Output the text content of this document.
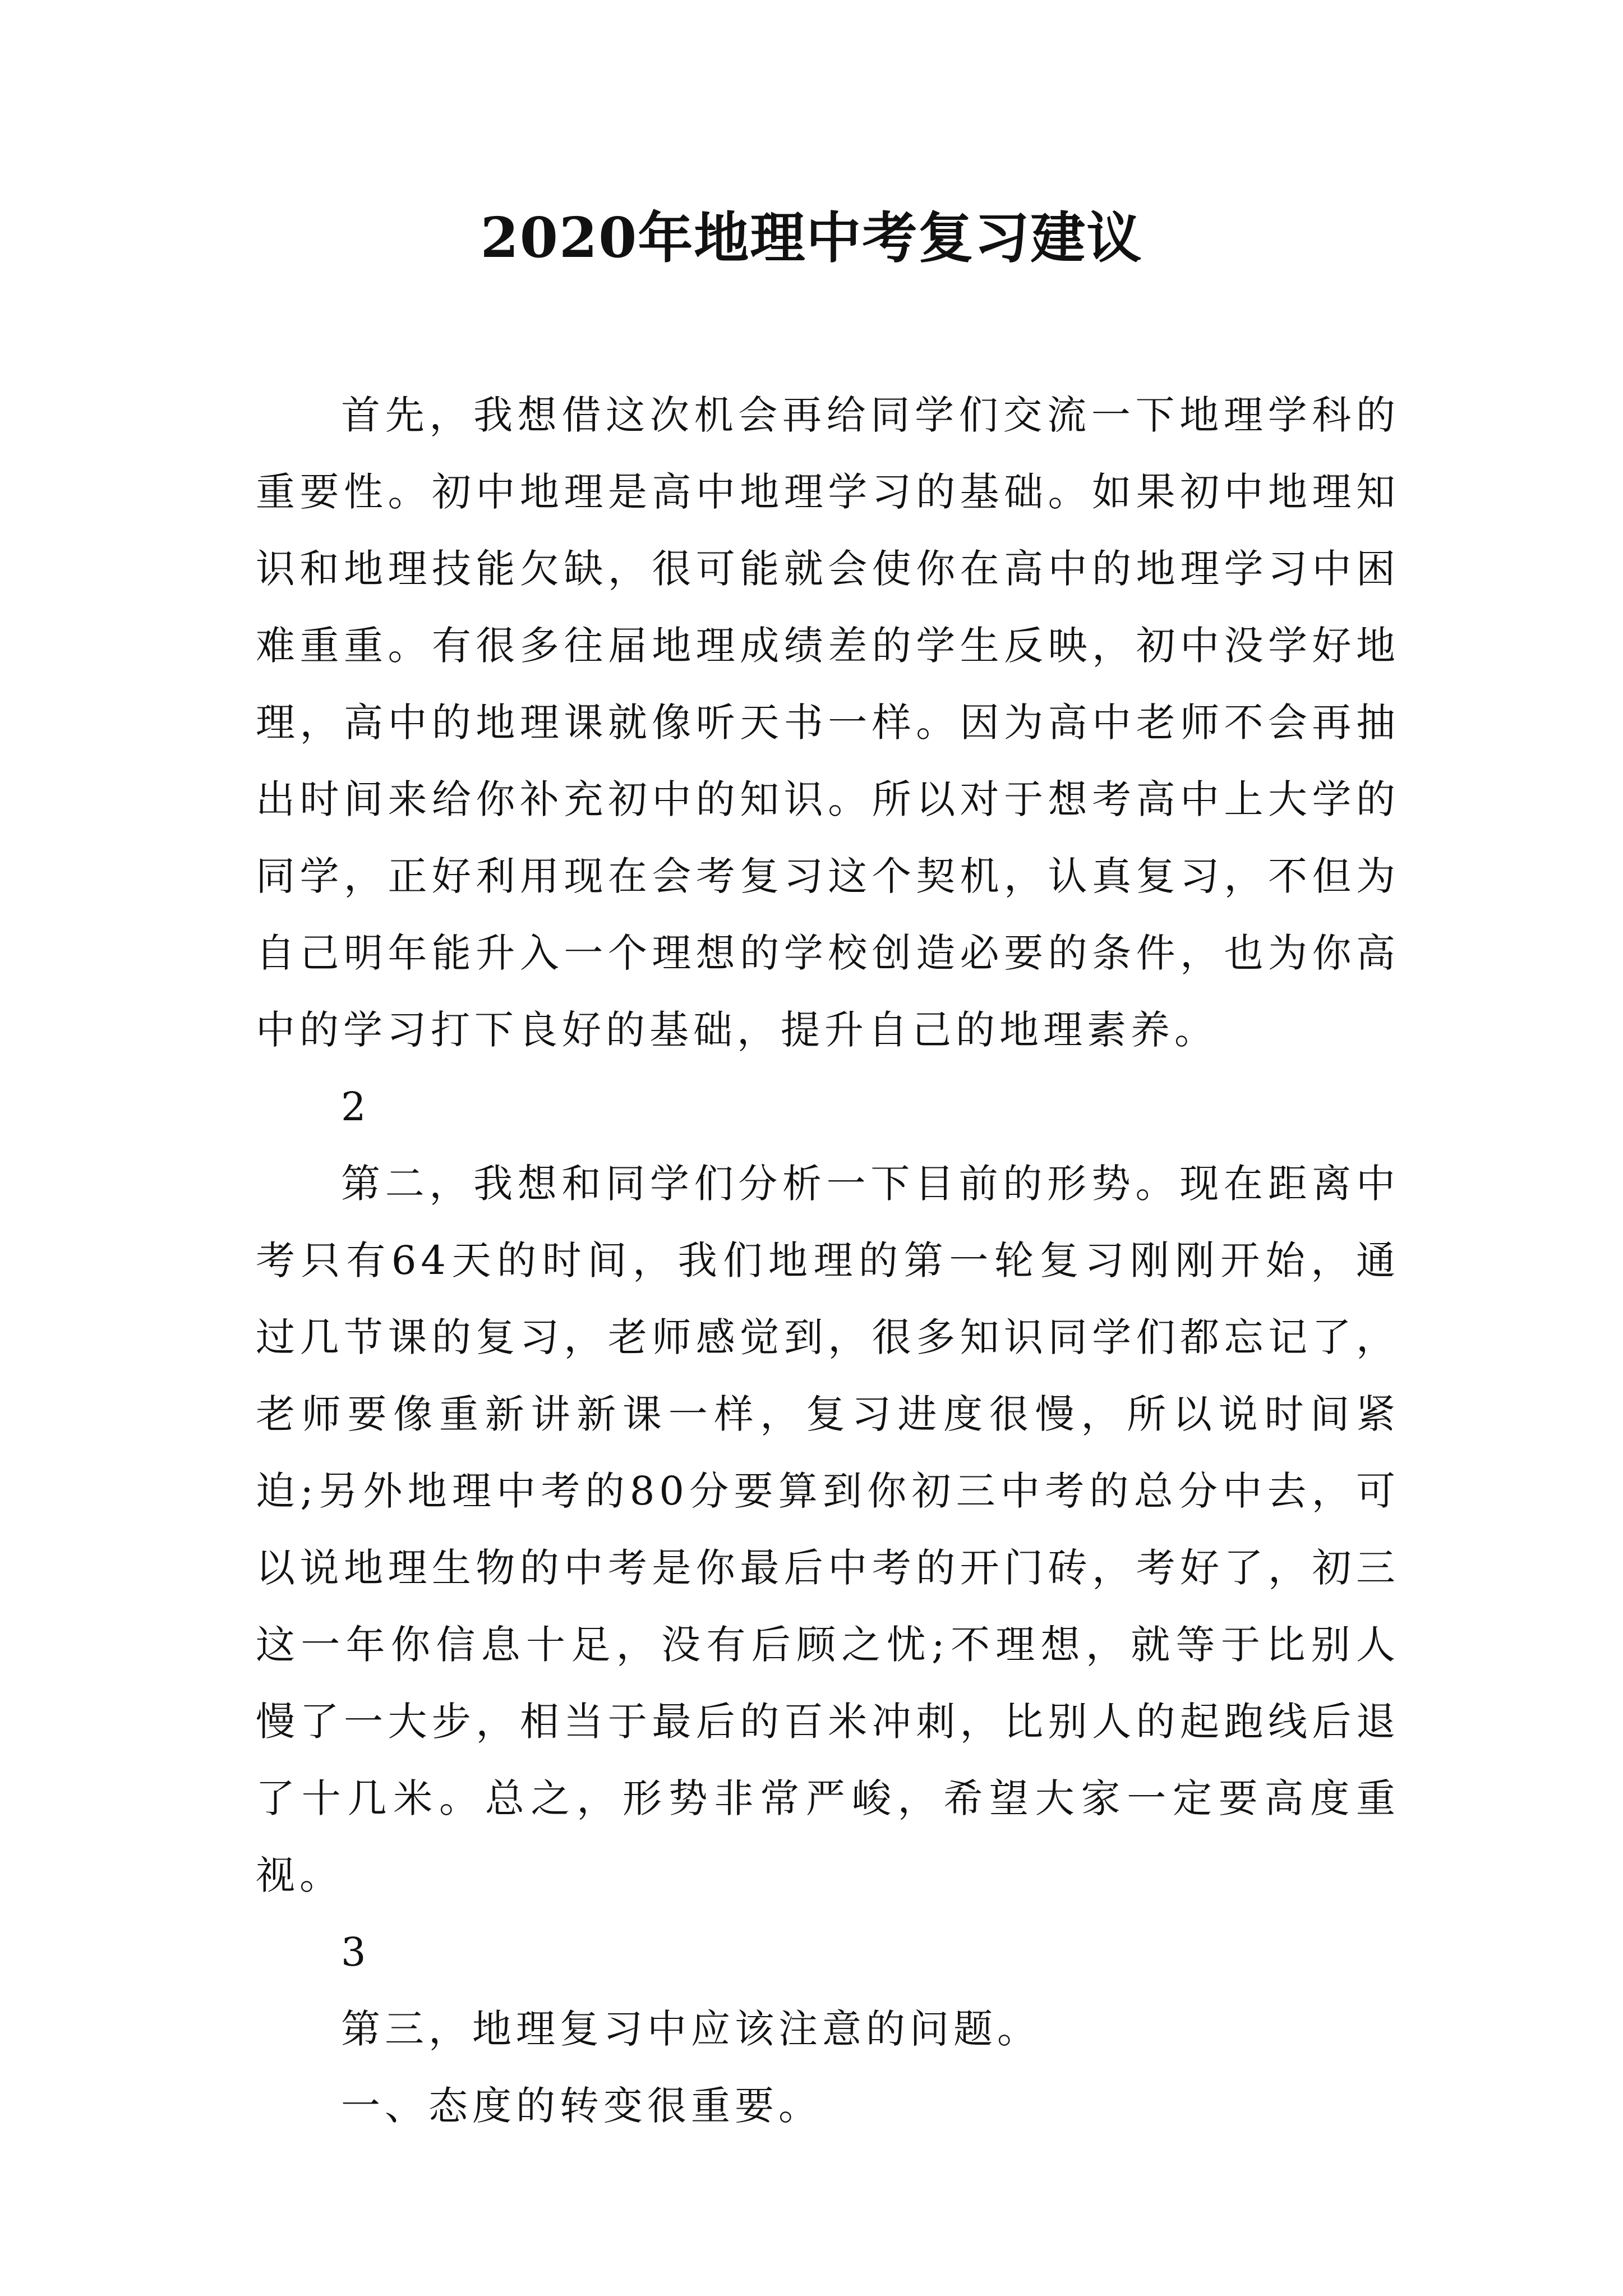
2020年地理中考复习建议

首先，我想借这次机会再给同学们交流一下地理学科的重要性。初中地理是高中地理学习的基础。如果初中地理知识和地理技能欠缺，很可能就会使你在高中的地理学习中困难重重。有很多往届地理成绩差的学生反映，初中没学好地理，高中的地理课就像听天书一样。因为高中老师不会再抽出时间来给你补充初中的知识。所以对于想考高中上大学的同学，正好利用现在会考复习这个契机，认真复习，不但为自己明年能升入一个理想的学校创造必要的条件，也为你高中的学习打下良好的基础，提升自己的地理素养。

2

第二，我想和同学们分析一下目前的形势。现在距离中考只有64天的时间，我们地理的第一轮复习刚刚开始，通过几节课的复习，老师感觉到，很多知识同学们都忘记了，老师要像重新讲新课一样，复习进度很慢，所以说时间紧迫;另外地理中考的80分要算到你初三中考的总分中去，可以说地理生物的中考是你最后中考的开门砖，考好了，初三这一年你信息十足，没有后顾之忧;不理想，就等于比别人慢了一大步，相当于最后的百米冲刺，比别人的起跑线后退了十几米。总之，形势非常严峻，希望大家一定要高度重视。

3

第三，地理复习中应该注意的问题。

一、态度的转变很重要。
